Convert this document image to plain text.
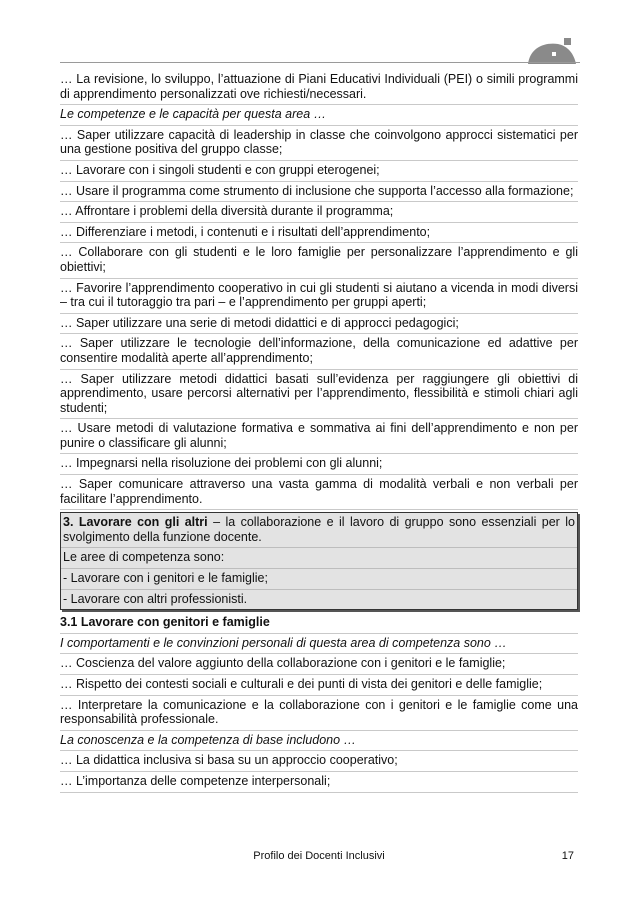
… La revisione, lo sviluppo, l’attuazione di Piani Educativi Individuali (PEI) o simili programmi di apprendimento personalizzati ove richiesti/necessari.
Le competenze e le capacità per questa area …
… Saper utilizzare capacità di leadership in classe che coinvolgono approcci sistematici per una gestione positiva del gruppo classe;
… Lavorare con i singoli studenti e con gruppi eterogenei;
… Usare il programma come strumento di inclusione che supporta l’accesso alla formazione;
… Affrontare i problemi della diversità durante il programma;
… Differenziare i metodi, i contenuti e i risultati dell’apprendimento;
… Collaborare con gli studenti e le loro famiglie per personalizzare l’apprendimento e gli obiettivi;
… Favorire l’apprendimento cooperativo in cui gli studenti si aiutano a vicenda in modi diversi – tra cui il tutoraggio tra pari – e l’apprendimento per gruppi aperti;
… Saper utilizzare una serie di metodi didattici e di approcci pedagogici;
… Saper utilizzare le tecnologie dell’informazione, della comunicazione ed adattive per consentire modalità aperte all’apprendimento;
… Saper utilizzare metodi didattici basati sull’evidenza per raggiungere gli obiettivi di apprendimento, usare percorsi alternativi per l’apprendimento, flessibilità e stimoli chiari agli studenti;
… Usare metodi di valutazione formativa e sommativa ai fini dell’apprendimento e non per punire o classificare gli alunni;
… Impegnarsi nella risoluzione dei problemi con gli alunni;
… Saper comunicare attraverso una vasta gamma di modalità verbali e non verbali per facilitare l’apprendimento.
3. Lavorare con gli altri – la collaborazione e il lavoro di gruppo sono essenziali per lo svolgimento della funzione docente.
Le aree di competenza sono:
- Lavorare con i genitori e le famiglie;
- Lavorare con altri professionisti.
3.1 Lavorare con genitori e famiglie
I comportamenti e le convinzioni personali di questa area di competenza sono …
… Coscienza del valore aggiunto della collaborazione con i genitori e le famiglie;
… Rispetto dei contesti sociali e culturali e dei punti di vista dei genitori e delle famiglie;
… Interpretare la comunicazione e la collaborazione con i genitori e le famiglie come una responsabilità professionale.
La conoscenza e la competenza di base includono …
… La didattica inclusiva si basa su un approccio cooperativo;
… L’importanza delle competenze interpersonali;
Profilo dei Docenti Inclusivi	17
